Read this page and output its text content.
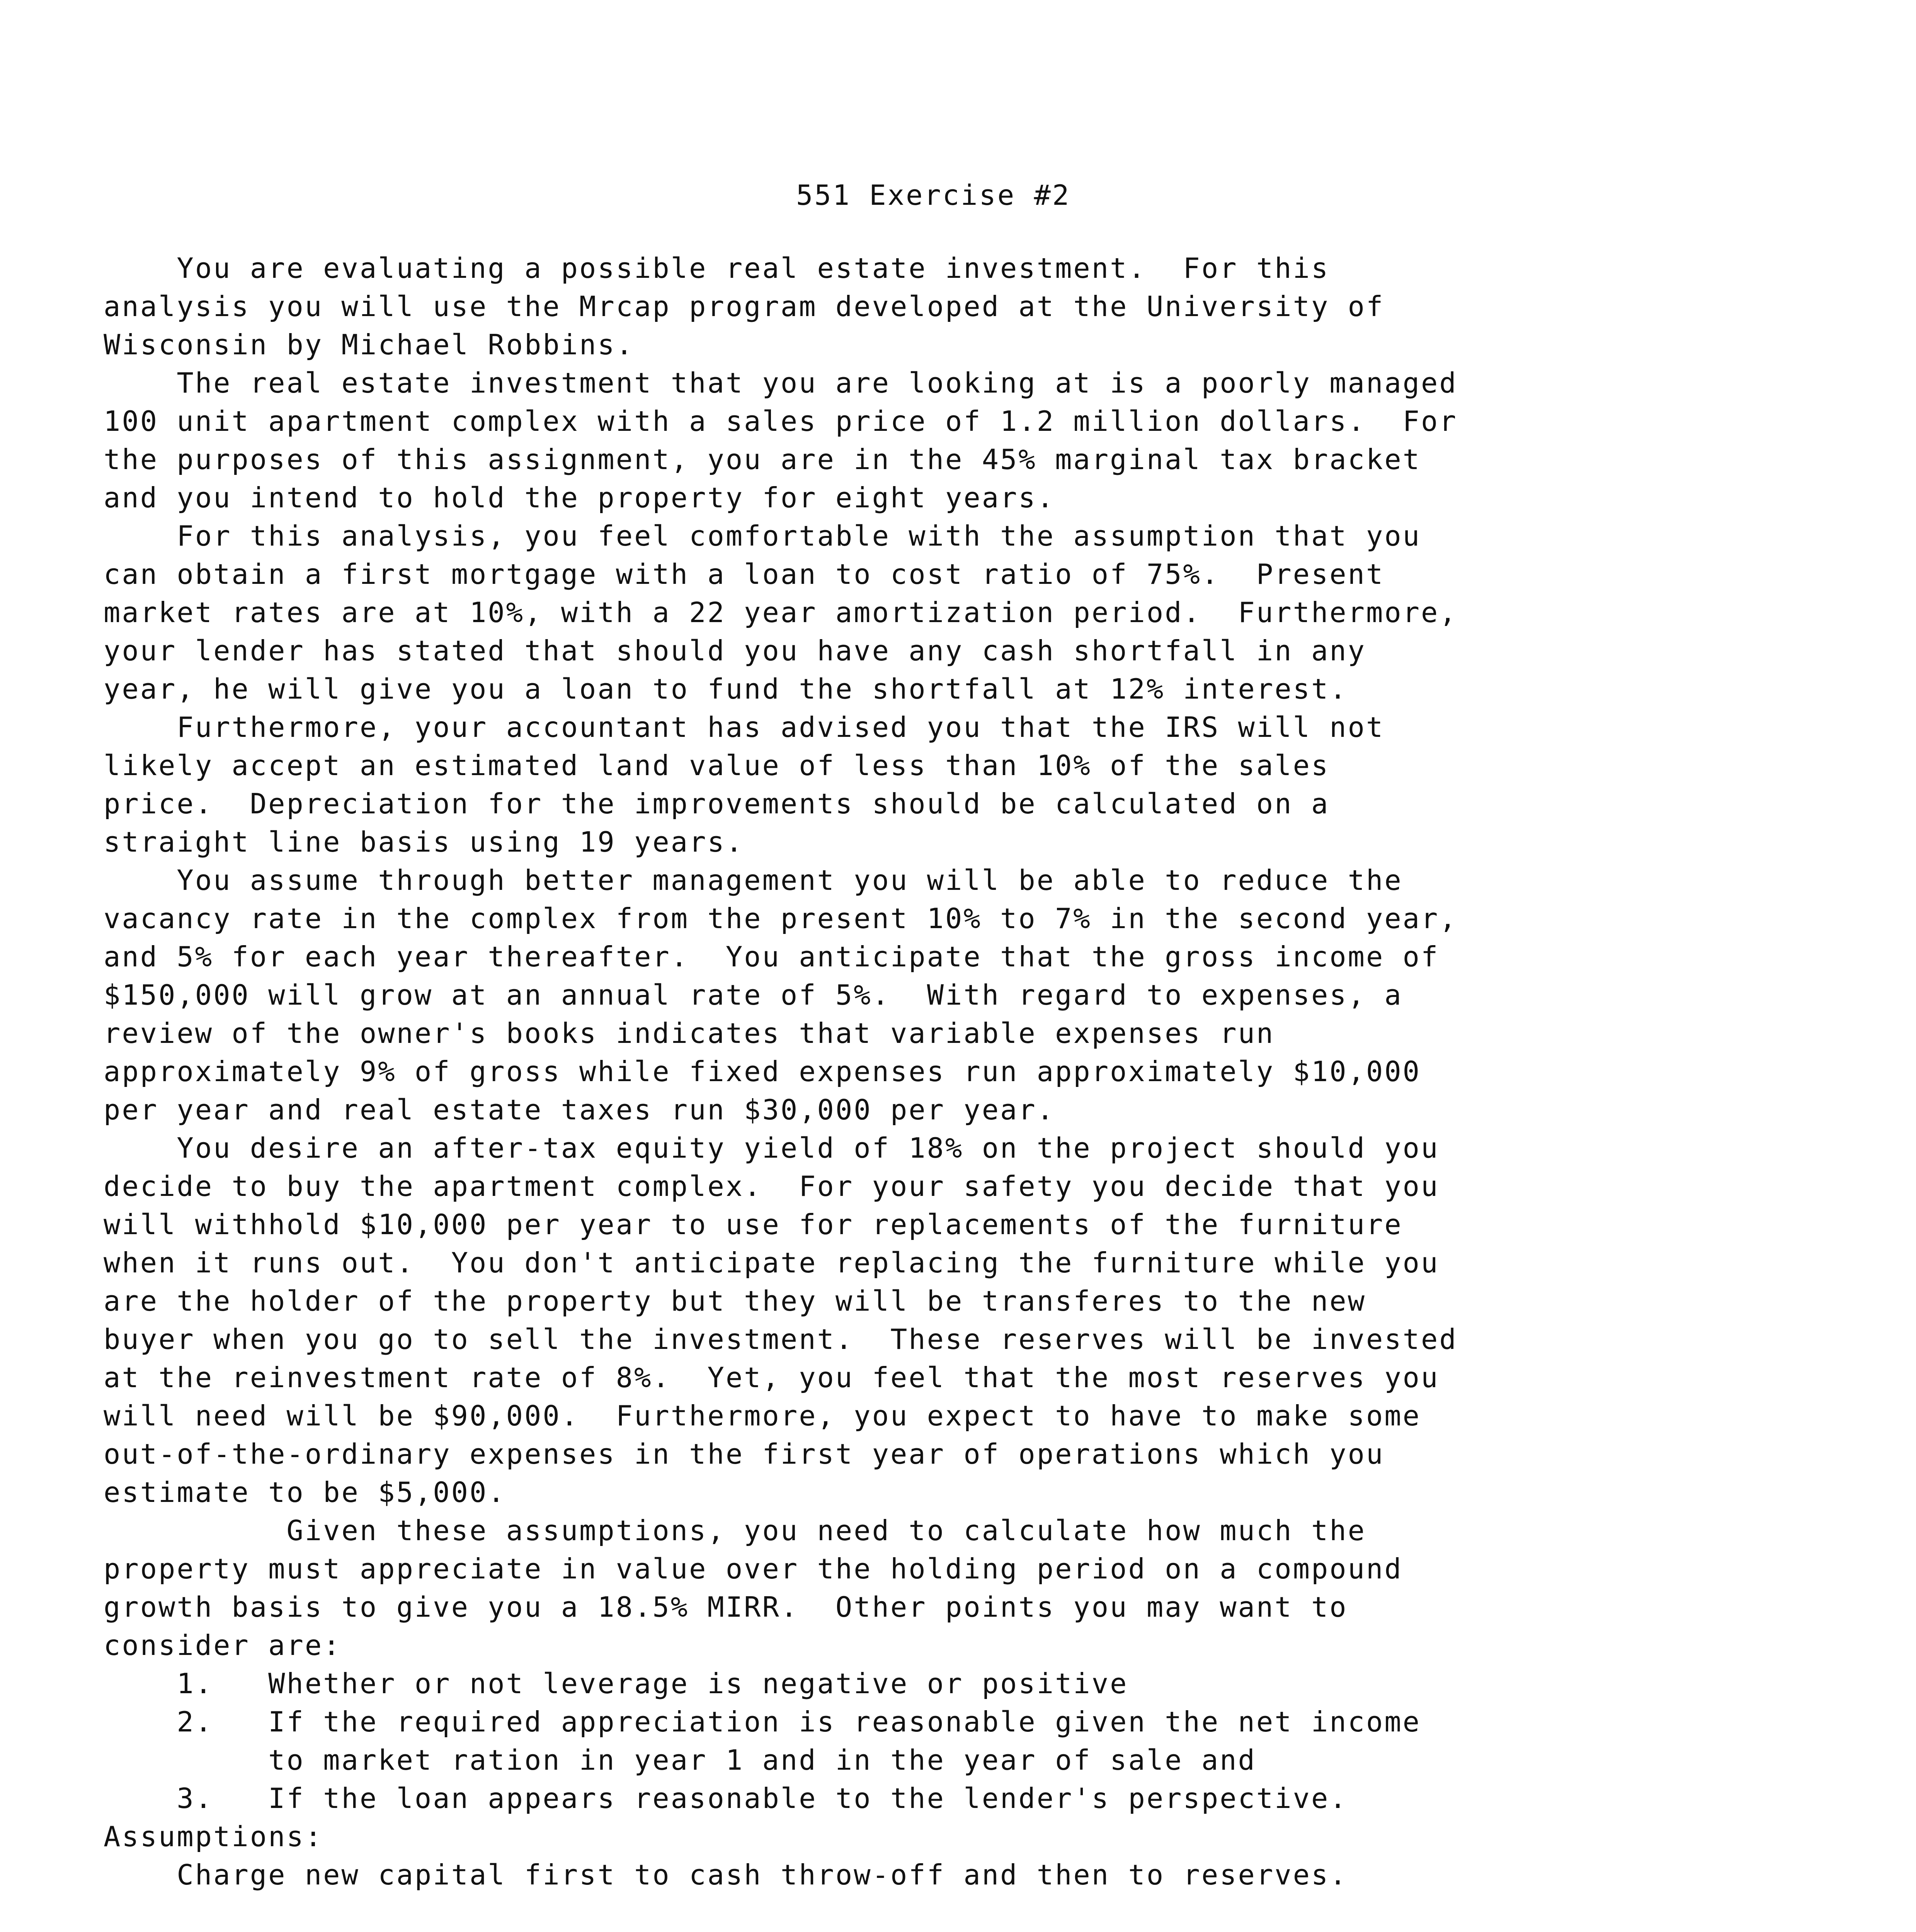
551 Exercise #2
You are evaluating a possible real estate investment.  For this
analysis you will use the Mrcap program developed at the University of
Wisconsin by Michael Robbins.
The real estate investment that you are looking at is a poorly managed
100 unit apartment complex with a sales price of 1.2 million dollars.  For
the purposes of this assignment, you are in the 45% marginal tax bracket
and you intend to hold the property for eight years.
For this analysis, you feel comfortable with the assumption that you
can obtain a first mortgage with a loan to cost ratio of 75%.  Present
market rates are at 10%, with a 22 year amortization period.  Furthermore,
your lender has stated that should you have any cash shortfall in any
year, he will give you a loan to fund the shortfall at 12% interest.
Furthermore, your accountant has advised you that the IRS will not
likely accept an estimated land value of less than 10% of the sales
price.  Depreciation for the improvements should be calculated on a
straight line basis using 19 years.
You assume through better management you will be able to reduce the
vacancy rate in the complex from the present 10% to 7% in the second year,
and 5% for each year thereafter.  You anticipate that the gross income of
$150,000 will grow at an annual rate of 5%.  With regard to expenses, a
review of the owner's books indicates that variable expenses run
approximately 9% of gross while fixed expenses run approximately $10,000
per year and real estate taxes run $30,000 per year.
You desire an after-tax equity yield of 18% on the project should you
decide to buy the apartment complex.  For your safety you decide that you
will withhold $10,000 per year to use for replacements of the furniture
when it runs out.  You don't anticipate replacing the furniture while you
are the holder of the property but they will be transferes to the new
buyer when you go to sell the investment.  These reserves will be invested
at the reinvestment rate of 8%.  Yet, you feel that the most reserves you
will need will be $90,000.  Furthermore, you expect to have to make some
out-of-the-ordinary expenses in the first year of operations which you
estimate to be $5,000.
Given these assumptions, you need to calculate how much the
property must appreciate in value over the holding period on a compound
growth basis to give you a 18.5% MIRR.  Other points you may want to
consider are:
1.   Whether or not leverage is negative or positive
2.   If the required appreciation is reasonable given the net income
to market ration in year 1 and in the year of sale and
3.   If the loan appears reasonable to the lender's perspective.
Assumptions:
Charge new capital first to cash throw-off and then to reserves.
